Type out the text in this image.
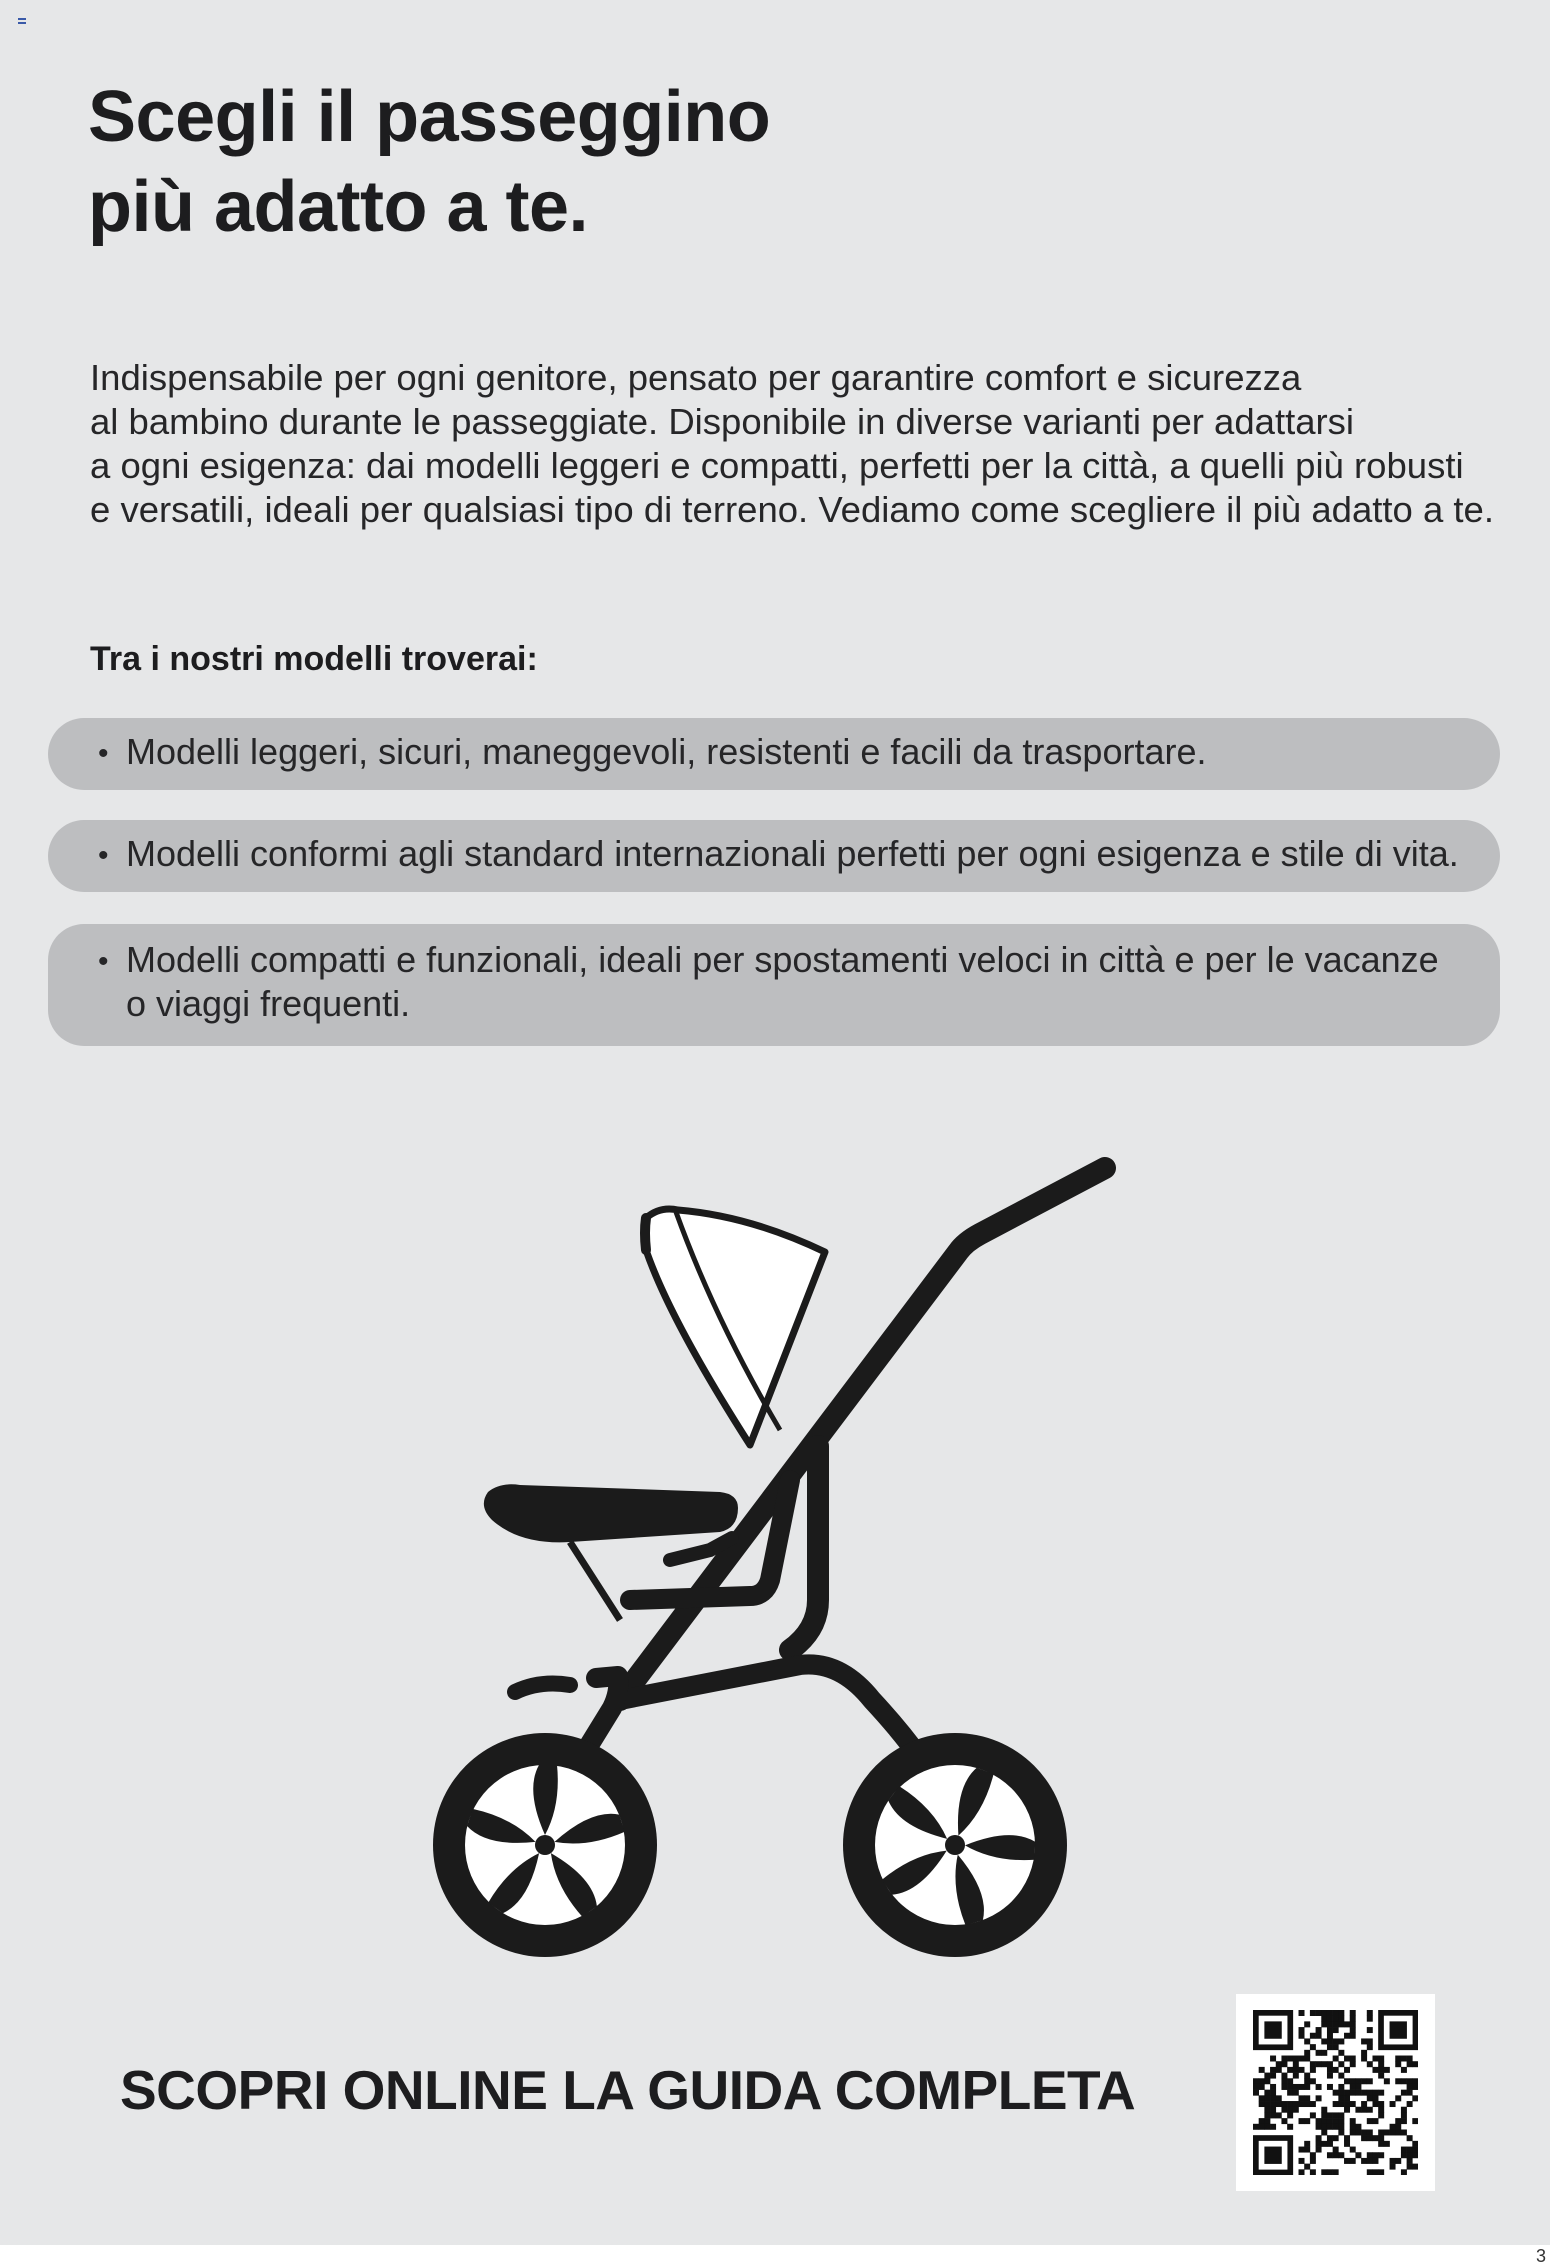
Scegli il passeggino
più adatto a te.

Indispensabile per ogni genitore, pensato per garantire comfort e sicurezza
al bambino durante le passeggiate. Disponibile in diverse varianti per adattarsi
a ogni esigenza: dai modelli leggeri e compatti, perfetti per la città, a quelli più robusti
e versatili, ideali per qualsiasi tipo di terreno. Vediamo come scegliere il più adatto a te.

Tra i nostri modelli troverai:
• Modelli leggeri, sicuri, maneggevoli, resistenti e facili da trasportare.
• Modelli conformi agli standard internazionali perfetti per ogni esigenza e stile di vita.
• Modelli compatti e funzionali, ideali per spostamenti veloci in città e per le vacanze
o viaggi frequenti.

SCOPRI ONLINE LA GUIDA COMPLETA

3
